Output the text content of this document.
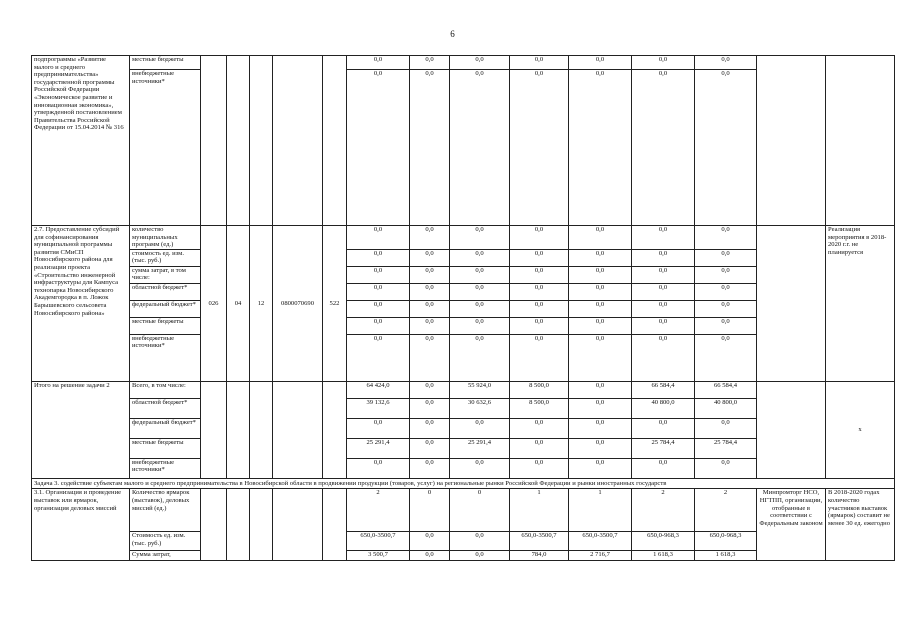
6
подпрограммы «Развитие малого и среднего предпринимательства» государственной программы Российской Федерации «Экономическое развитие и инновационная экономика», утвержденной постановлением Правительства Российской Федерации от 15.04.2014 № 316	местные бюджеты						0,0	0,0	0,0	0,0	0,0	0,0	0,0		
	внебюджетные источники*						0,0	0,0	0,0	0,0	0,0	0,0	0,0		
2.7. Предоставление субсидий для софинансирования муниципальной программы развития СМиСП Новосибирского района для реализации проекта «Строительство инженерной инфраструктуры для Кампуса технопарка Новосибирского Академгородка в п. Ложок Барышевского сельсовета Новосибирского района»	количество муниципальных программ (ед.)	026	04	12	0800070690	522	0,0	0,0	0,0	0,0	0,0	0,0	0,0		Реализация мероприятия в 2018-2020 г.г. не планируется
	стоимость ед. изм. (тыс. руб.)						0,0	0,0	0,0	0,0	0,0	0,0	0,0		
	сумма затрат, в том числе:						0,0	0,0	0,0	0,0	0,0	0,0	0,0		
	областной бюджет*						0,0	0,0	0,0	0,0	0,0	0,0	0,0		
	федеральный бюджет*						0,0	0,0	0,0	0,0	0,0	0,0	0,0		
	местные бюджеты						0,0	0,0	0,0	0,0	0,0	0,0	0,0		
	внебюджетные источники*						0,0	0,0	0,0	0,0	0,0	0,0	0,0		
Итого на решение задачи 2	Всего, в том числе:						64 424,0	0,0	55 924,0	8 500,0	0,0	66 584,4	66 584,4		x
	областной бюджет*						39 132,6	0,0	30 632,6	8 500,0	0,0	40 800,0	40 800,0		
	федеральный бюджет*						0,0	0,0	0,0	0,0	0,0	0,0	0,0		
	местные бюджеты						25 291,4	0,0	25 291,4	0,0	0,0	25 784,4	25 784,4		
	внебюджетные источники*						0,0	0,0	0,0	0,0	0,0	0,0	0,0		
Задача 3. содействие субъектам малого и среднего предпринимательства в Новосибирской области в продвижении продукции (товаров, услуг) на региональные рынки Российской Федерации и рынки иностранных государств															
3.1. Организация и проведение выставок или ярмарок, организация деловых миссий	Количество ярмарок (выставок), деловых миссий (ед.)						2	0	0	1	1	2	2	Минпромторг НСО, НГТПП, организации, отобранные в соответствии с Федеральным законом	В 2018-2020 годах количество участников выставок (ярмарок) составит не менее 30 ед. ежегодно
	Стоимость ед. изм. (тыс. руб.)						650,0-3500,7	0,0	0,0	650,0-3500,7	650,0-3500,7	650,0-968,3	650,0-968,3		
	Сумма затрат,						3 500,7	0,0	0,0	784,0	2 716,7	1 618,3	1 618,3		
